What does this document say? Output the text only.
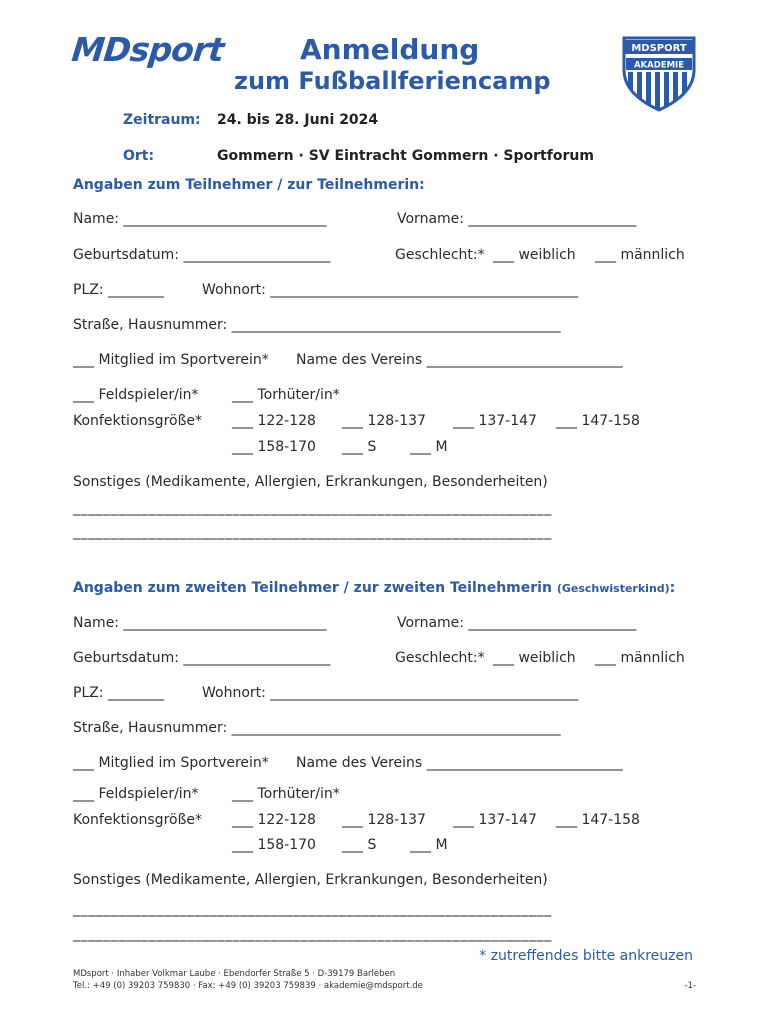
MDsport	Anmeldung
zum Fußballferiencamp
MDSPORT
AKADEMIE
Zeitraum: 24. bis 28. Juni 2024
Ort:	Gommern · SV Eintracht Gommern · Sportforum
Angaben zum Teilnehmer / zur Teilnehmerin:
Name: _____________________________	Vorname: ________________________
Geburtsdatum: _____________________	Geschlecht:* ___ weiblich ___ männlich
PLZ: ________	Wohnort: ____________________________________________
Straße, Hausnummer: _______________________________________________
___ Mitglied im Sportverein* Name des Vereins ____________________________
___ Feldspieler/in* ___ Torhüter/in*
Konfektionsgröße* ___ 122-128 ___ 128-137 ___ 137-147 ___ 147-158
___ 158-170 ___ S ___ M
Sonstiges (Medikamente, Allergien, Erkrankungen, Besonderheiten)
_______________________________________________________________
_______________________________________________________________
Angaben zum zweiten Teilnehmer / zur zweiten Teilnehmerin (Geschwisterkind):
Name: _____________________________	Vorname: ________________________
Geburtsdatum: _____________________	Geschlecht:* ___ weiblich ___ männlich
PLZ: ________	Wohnort: ____________________________________________
Straße, Hausnummer: _______________________________________________
___ Mitglied im Sportverein* Name des Vereins ____________________________
___ Feldspieler/in* ___ Torhüter/in*
Konfektionsgröße* ___ 122-128 ___ 128-137 ___ 137-147 ___ 147-158
___ 158-170 ___ S ___ M
Sonstiges (Medikamente, Allergien, Erkrankungen, Besonderheiten)
_______________________________________________________________
_______________________________________________________________
* zutreffendes bitte ankreuzen
MDsport · Inhaber Volkmar Laube · Ebendorfer Straße 5 · D-39179 Barleben
Tel.: +49 (0) 39203 759830 · Fax: +49 (0) 39203 759839 · akademie@mdsport.de	-1-
